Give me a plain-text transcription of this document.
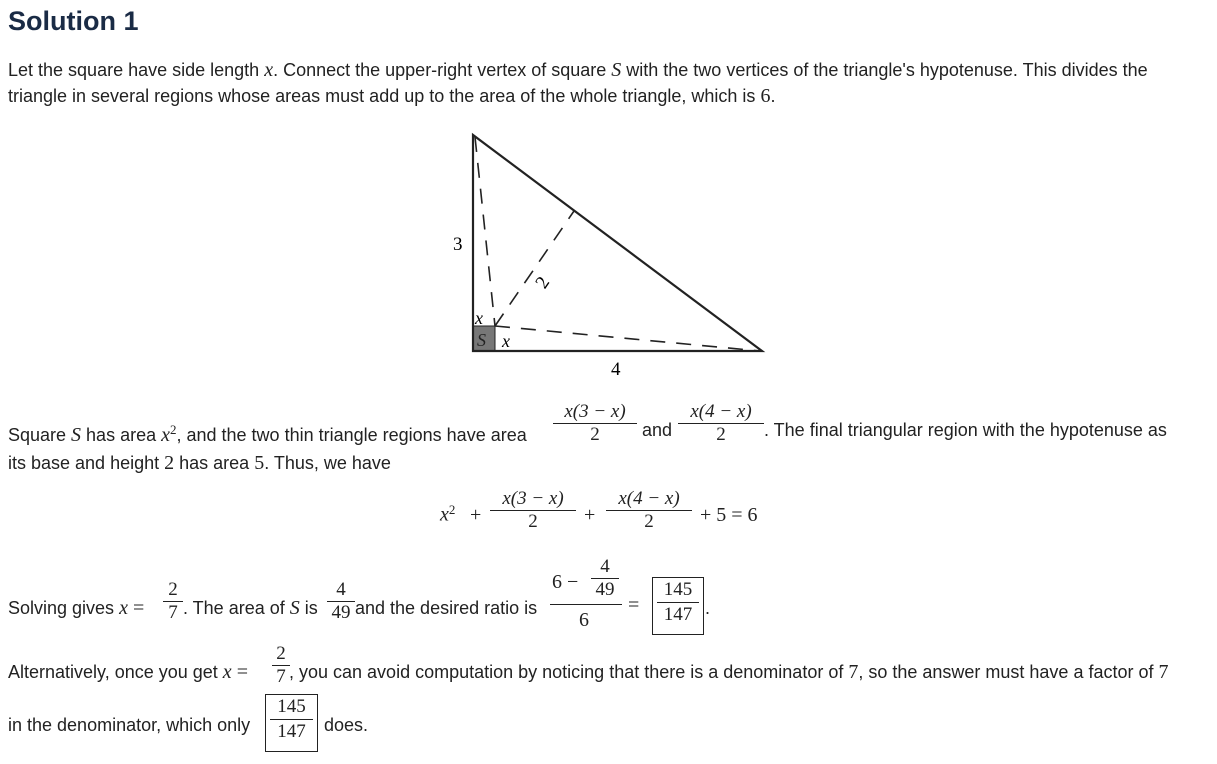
Solution 1
Let the square have side length x. Connect the upper-right vertex of square S with the two vertices of the triangle's hypotenuse. This divides the
triangle in several regions whose areas must add up to the area of the whole triangle, which is 6.
3
2
x
S x
4
Square S has area $x^2$, and the two thin triangle regions have area $\frac{x(3 - x)}{2}$ and $\frac{x(4 - x)}{2}$ . The final triangular region with the hypotenuse as
its base and height 2 has area 5. Thus, we have
$x^2 + \frac{x(3 - x)}{2} + \frac{x(4 - x)}{2} + 5 = 6$
Solving gives $x = \frac{2}{7}$ . The area of S is $\frac{4}{49}$ and the desired ratio is
$6 - \frac{4}{49}$
6
= $\frac{145}{147}$ .
Alternatively, once you get $x = \frac{2}{7}$ , you can avoid computation by noticing that there is a denominator of 7, so the answer must have a factor of 7
in the denominator, which only $\frac{145}{147}$ does.
